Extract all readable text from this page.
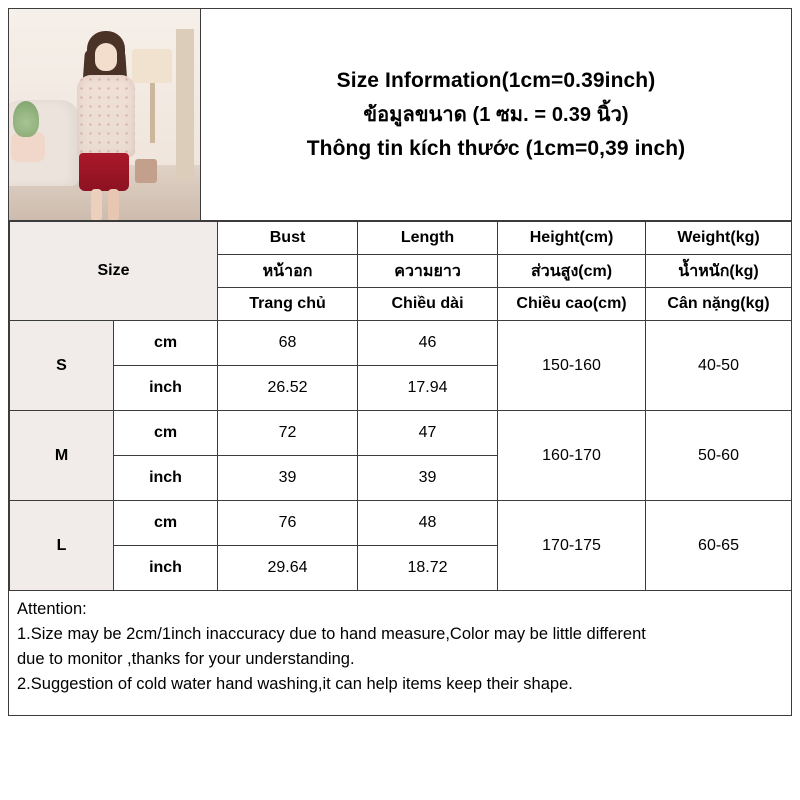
Size Information(1cm=0.39inch)
ข้อมูลขนาด (1 ซม. = 0.39 นิ้ว)
Thông tin kích thước (1cm=0,39 inch)
Size		Bust	Length	Height(cm)	Weight(kg)
		หน้าอก	ความยาว	ส่วนสูง(cm)	น้ำหนัก(kg)
		Trang chủ	Chiều dài	Chiều cao(cm)	Cân nặng(kg)
S	cm	68	46	150-160	40-50
	inch	26.52	17.94		
M	cm	72	47	160-170	50-60
	inch	39	39		
L	cm	76	48	170-175	60-65
	inch	29.64	18.72		

Attention:

1.Size may be 2cm/1inch inaccuracy due to hand measure,Color may be little different

due to monitor ,thanks for your understanding.

2.Suggestion of cold water hand washing,it can help items keep their shape.
